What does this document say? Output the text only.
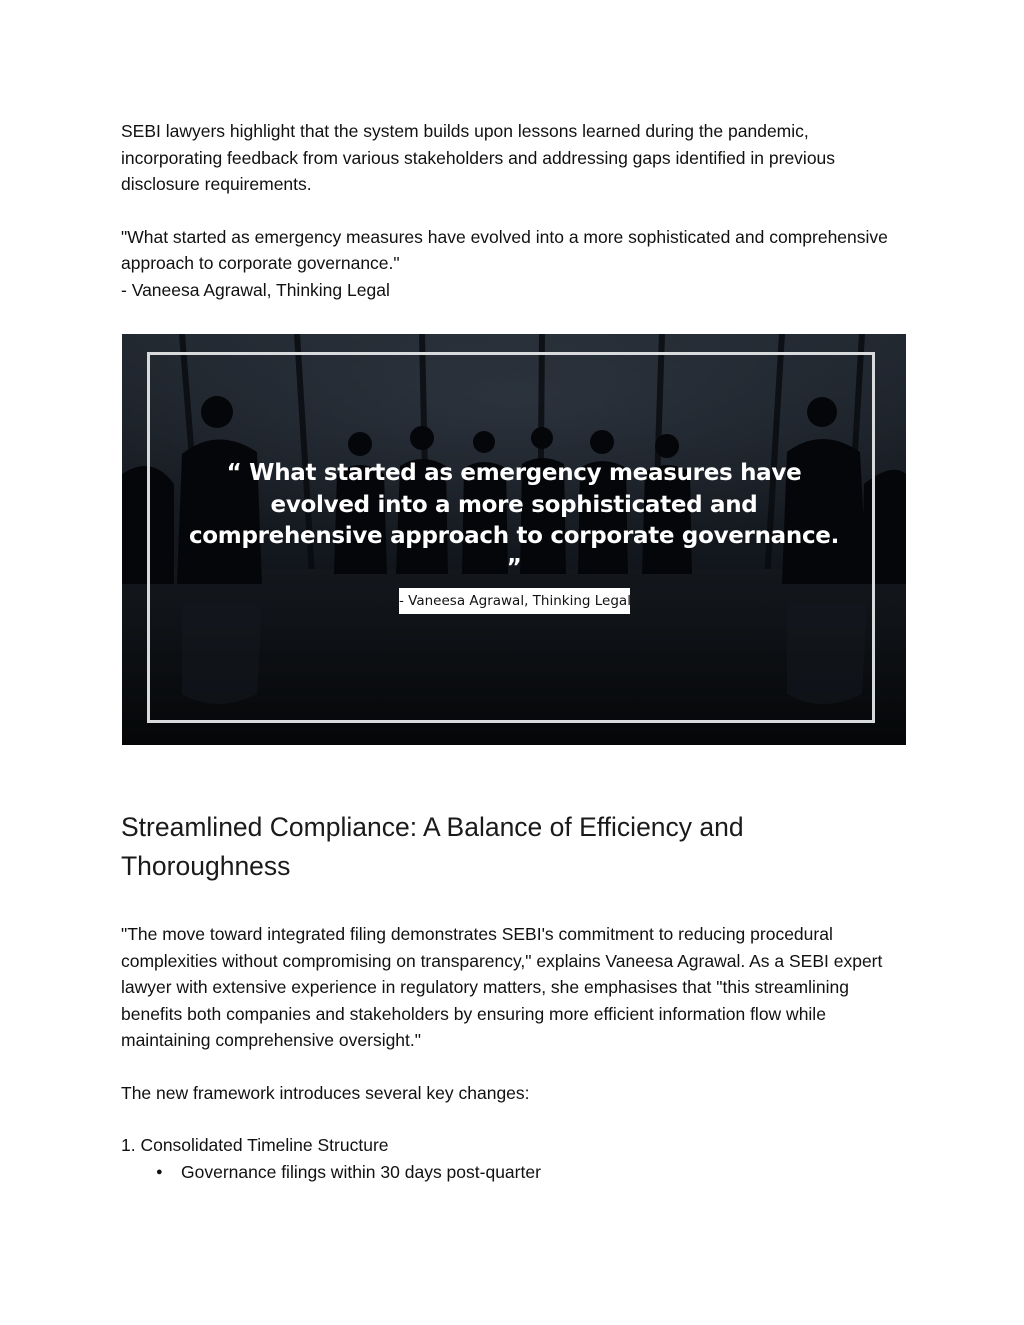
SEBI lawyers highlight that the system builds upon lessons learned during the pandemic, incorporating feedback from various stakeholders and addressing gaps identified in previous disclosure requirements.

"What started as emergency measures have evolved into a more sophisticated and comprehensive approach to corporate governance."

- Vaneesa Agrawal, Thinking Legal

“ What started as emergency measures have evolved into a more sophisticated and comprehensive approach to corporate governance. ”
- Vaneesa Agrawal, Thinking Legal
Streamlined Compliance: A Balance of Efficiency and Thoroughness

"The move toward integrated filing demonstrates SEBI's commitment to reducing procedural complexities without compromising on transparency," explains Vaneesa Agrawal. As a SEBI expert lawyer with extensive experience in regulatory matters, she emphasises that "this streamlining benefits both companies and stakeholders by ensuring more efficient information flow while maintaining comprehensive oversight."

The new framework introduces several key changes:

1. Consolidated Timeline Structure

● Governance filings within 30 days post-quarter
